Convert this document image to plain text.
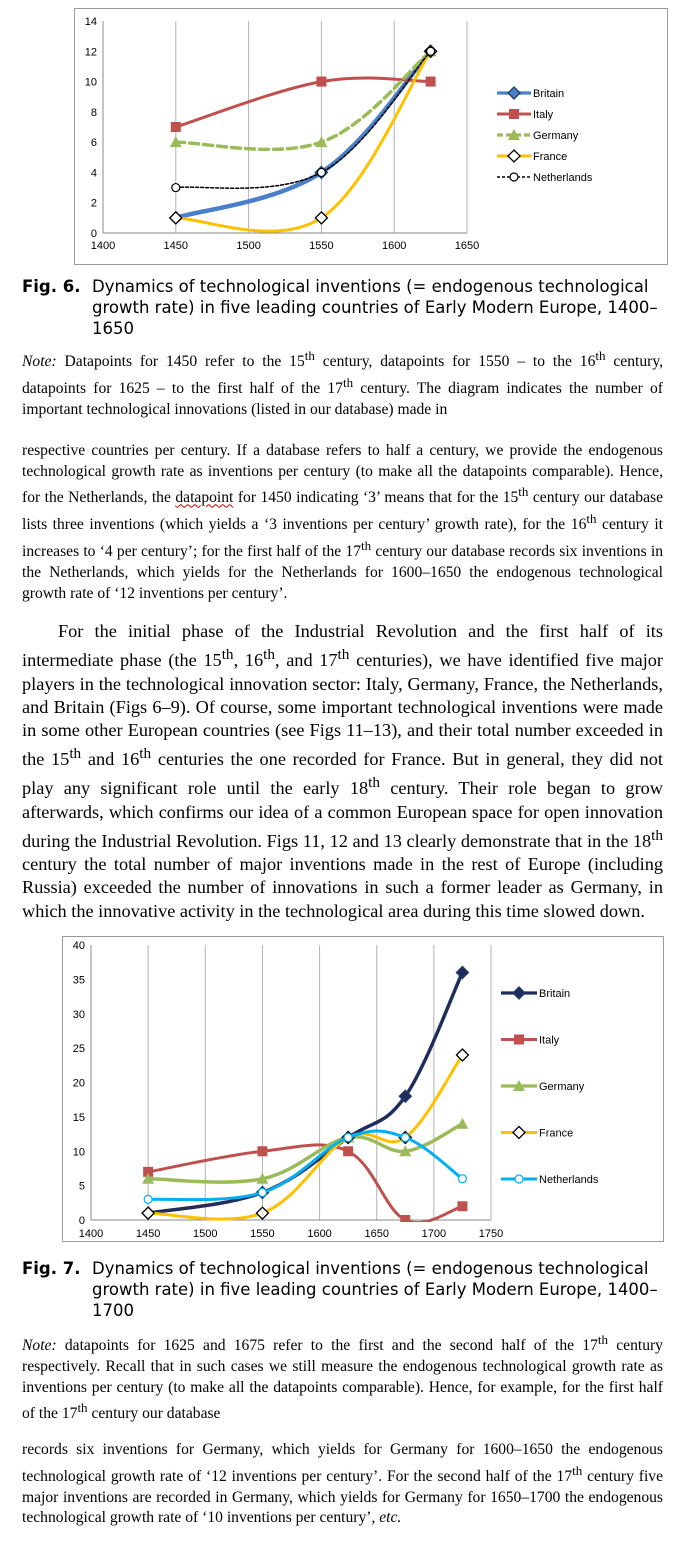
1400	1450	1500	1550	1600	1650
0
2
4
6
8
10
12
14
Britain
Italy
Germany
France
Netherlands
Fig. 6. Dynamics of technological inventions (= endogenous technological growth rate) in five leading countries of Early Modern Europe, 1400–1650
Note: Datapoints for 1450 refer to the 15th century, datapoints for 1550 – to the 16th century, datapoints for 1625 – to the first half of the 17th century. The diagram indicates the number of important technological innovations (listed in our database) made in
respective countries per century. If a database refers to half a century, we provide the endogenous technological growth rate as inventions per century (to make all the datapoints comparable). Hence, for the Netherlands, the datapoint for 1450 indicating ‘3’ means that for the 15th century our database lists three inventions (which yields a ‘3 inventions per century’ growth rate), for the 16th century it increases to ‘4 per century’; for the first half of the 17th century our database records six inventions in the Netherlands, which yields for the Netherlands for 1600–1650 the endogenous technological growth rate of ‘12 inventions per century’.
For the initial phase of the Industrial Revolution and the first half of its intermediate phase (the 15th, 16th, and 17th centuries), we have identified five major players in the technological innovation sector: Italy, Germany, France, the Netherlands, and Britain (Figs 6–9). Of course, some important technological inventions were made in some other European countries (see Figs 11–13), and their total number exceeded in the 15th and 16th centuries the one recorded for France. But in general, they did not play any significant role until the early 18th century. Their role began to grow afterwards, which confirms our idea of a common European space for open innovation during the Industrial Revolution. Figs 11, 12 and 13 clearly demonstrate that in the 18th century the total number of major inventions made in the rest of Europe (including Russia) exceeded the number of innovations in such a former leader as Germany, in which the innovative activity in the technological area during this time slowed down.
1400	1450	1500	1550	1600	1650	1700	1750
0
5
10
15
20
25
30
35
40
Britain
Italy
Germany
France
Netherlands
Fig. 7. Dynamics of technological inventions (= endogenous technological growth rate) in five leading countries of Early Modern Europe, 1400–1700
Note: datapoints for 1625 and 1675 refer to the first and the second half of the 17th century respectively. Recall that in such cases we still measure the endogenous technological growth rate as inventions per century (to make all the datapoints comparable). Hence, for example, for the first half of the 17th century our database
records six inventions for Germany, which yields for Germany for 1600–1650 the endogenous technological growth rate of ‘12 inventions per century’. For the second half of the 17th century five major inventions are recorded in Germany, which yields for Germany for 1650–1700 the endogenous technological growth rate of ‘10 inventions per century’, etc.
